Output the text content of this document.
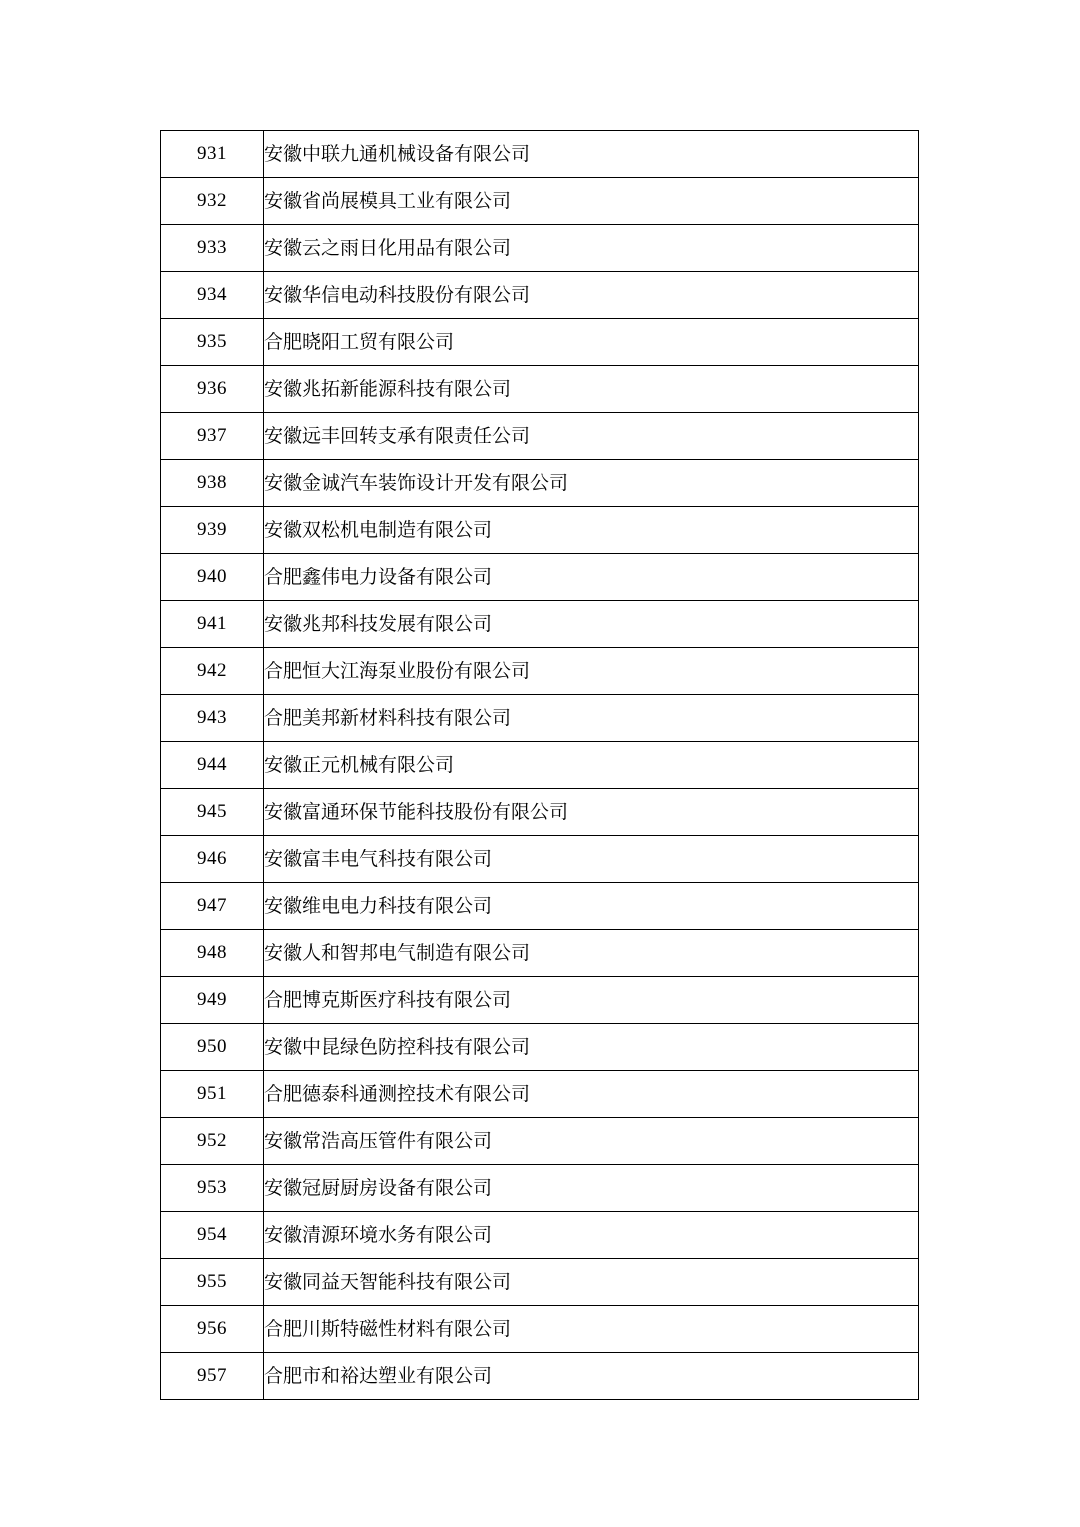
931	安徽中联九通机械设备有限公司
932	安徽省尚展模具工业有限公司
933	安徽云之雨日化用品有限公司
934	安徽华信电动科技股份有限公司
935	合肥晓阳工贸有限公司
936	安徽兆拓新能源科技有限公司
937	安徽远丰回转支承有限责任公司
938	安徽金诚汽车装饰设计开发有限公司
939	安徽双松机电制造有限公司
940	合肥鑫伟电力设备有限公司
941	安徽兆邦科技发展有限公司
942	合肥恒大江海泵业股份有限公司
943	合肥美邦新材料科技有限公司
944	安徽正元机械有限公司
945	安徽富通环保节能科技股份有限公司
946	安徽富丰电气科技有限公司
947	安徽维电电力科技有限公司
948	安徽人和智邦电气制造有限公司
949	合肥博克斯医疗科技有限公司
950	安徽中昆绿色防控科技有限公司
951	合肥德泰科通测控技术有限公司
952	安徽常浩高压管件有限公司
953	安徽冠厨厨房设备有限公司
954	安徽清源环境水务有限公司
955	安徽同益天智能科技有限公司
956	合肥川斯特磁性材料有限公司
957	合肥市和裕达塑业有限公司
